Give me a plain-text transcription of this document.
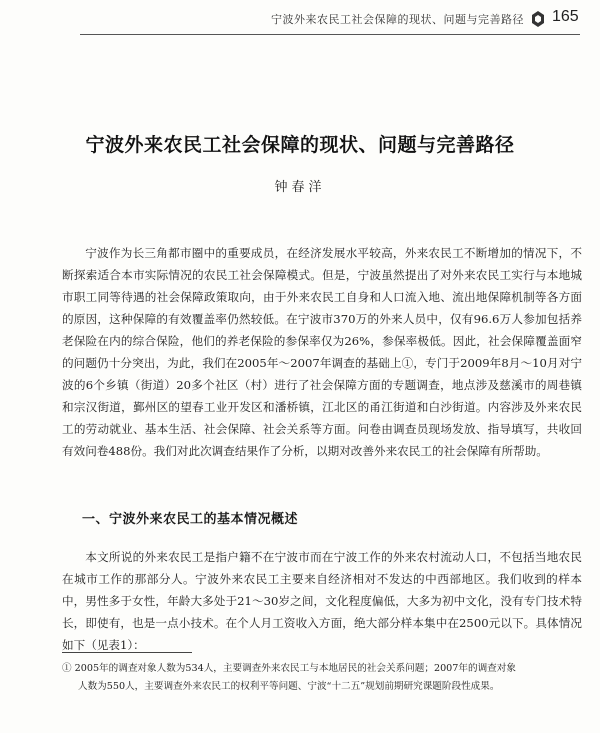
宁波外来农民工社会保障的现状、问题与完善路径 165
宁波外来农民工社会保障的现状、问题与完善路径
钟春洋
宁波作为长三角都市圈中的重要成员，在经济发展水平较高，外来农民工不断增加的情况下，不断探索适合本市实际情况的农民工社会保障模式。但是，宁波虽然提出了对外来农民工实行与本地城市职工同等待遇的社会保障政策取向，由于外来农民工自身和人口流入地、流出地保障机制等各方面的原因，这种保障的有效覆盖率仍然较低。在宁波市370万的外来人员中，仅有96.6万人参加包括养老保险在内的综合保险，他们的养老保险的参保率仅为26%，参保率极低。因此，社会保障覆盖面窄的问题仍十分突出，为此，我们在2005年～2007年调查的基础上①，专门于2009年8月～10月对宁波的6个乡镇（街道）20多个社区（村）进行了社会保障方面的专题调查，地点涉及慈溪市的周巷镇和宗汉街道，鄞州区的望春工业开发区和潘桥镇，江北区的甬江街道和白沙街道。内容涉及外来农民工的劳动就业、基本生活、社会保障、社会关系等方面。问卷由调查员现场发放、指导填写，共收回有效问卷488份。我们对此次调查结果作了分析，以期对改善外来农民工的社会保障有所帮助。
一、宁波外来农民工的基本情况概述
本文所说的外来农民工是指户籍不在宁波市而在宁波工作的外来农村流动人口，不包括当地农民在城市工作的那部分人。宁波外来农民工主要来自经济相对不发达的中西部地区。我们收到的样本中，男性多于女性，年龄大多处于21～30岁之间，文化程度偏低，大多为初中文化，没有专门技术特长，即使有，也是一点小技术。在个人月工资收入方面，绝大部分样本集中在2500元以下。具体情况如下（见表1）：
① 2005年的调查对象人数为534人，主要调查外来农民工与本地居民的社会关系问题；2007年的调查对象
人数为550人，主要调查外来农民工的权利平等问题、宁波“十二五”规划前期研究课题阶段性成果。
